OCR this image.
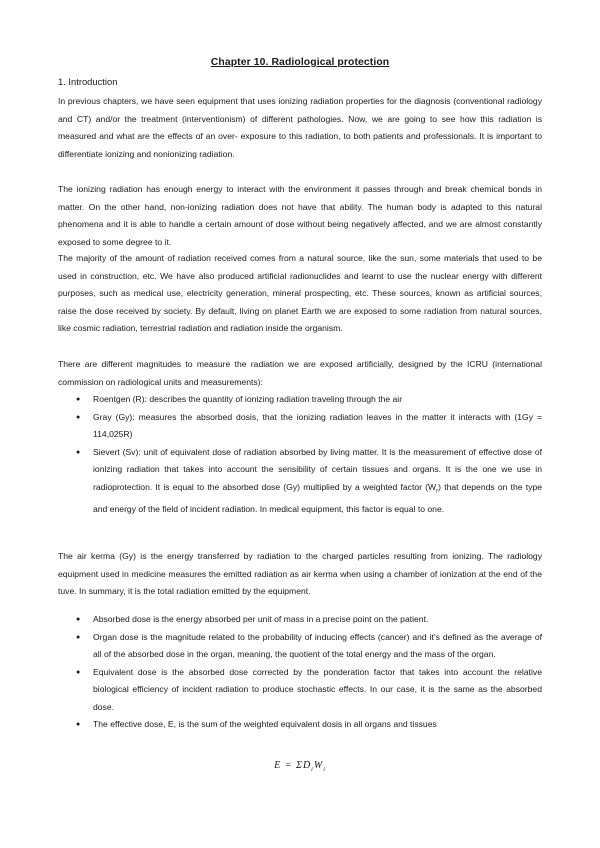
Chapter 10. Radiological protection
1. Introduction

In previous chapters, we have seen equipment that uses ionizing radiation properties for the diagnosis (conventional radiology and CT) and/or the treatment (interventionism) of different pathologies. Now, we are going to see how this radiation is measured and what are the effects of an over- exposure to this radiation, to both patients and professionals. It is important to differentiate ionizing and nonionizing radiation.

The ionizing radiation has enough energy to interact with the environment it passes through and break chemical bonds in matter. On the other hand, non-ionizing radiation does not have that ability. The human body is adapted to this natural phenomena and it is able to handle a certain amount of dose without being negatively affected, and we are almost constantly exposed to some degree to it.

The majority of the amount of radiation received comes from a natural source, like the sun, some materials that used to be used in construction, etc. We have also produced artificial radionuclides and learnt to use the nuclear energy with different purposes, such as medical use, electricity generation, mineral prospecting, etc. These sources, known as artificial sources, raise the dose received by society. By default, living on planet Earth we are exposed to some radiation from natural sources, like cosmic radiation, terrestrial radiation and radiation inside the organism.

There are different magnitudes to measure the radiation we are exposed artificially, designed by the ICRU (international commission on radiological units and measurements):

● Roentgen (R): describes the quantity of ionizing radiation traveling through the air
● Gray (Gy): measures the absorbed dosis, that the ionizing radiation leaves in the matter it interacts with (1Gy = 114,025R)
● Sievert (Sv): unit of equivalent dose of radiation absorbed by living matter. It is the measurement of effective dose of ionizing radiation that takes into account the sensibility of certain tissues and organs. It is the one we use in radioprotection. It is equal to the absorbed dose (Gy) multiplied by a weighted factor $(W_r)$ that depends on the type and energy of the field of incident radiation. In medical equipment, this factor is equal to one.

The air kerma (Gy) is the energy transferred by radiation to the charged particles resulting from ionizing. The radiology equipment used in medicine measures the emitted radiation as air kerma when using a chamber of ionization at the end of the tuve. In summary, it is the total radiation emitted by the equipment.

● Absorbed dose is the energy absorbed per unit of mass in a precise point on the patient.
● Organ dose is the magnitude related to the probability of inducing effects (cancer) and it's defined as the average of all of the absorbed dose in the organ, meaning, the quotient of the total energy and the mass of the organ.
● Equivalent dose is the absorbed dose corrected by the ponderation factor that takes into account the relative biological efficiency of incident radiation to produce stochastic effects. In our case, it is the same as the absorbed dose.
● The effective dose, E, is the sum of the weighted equivalent dosis in all organs and tissues
$E = \Sigma D_iW_i$
